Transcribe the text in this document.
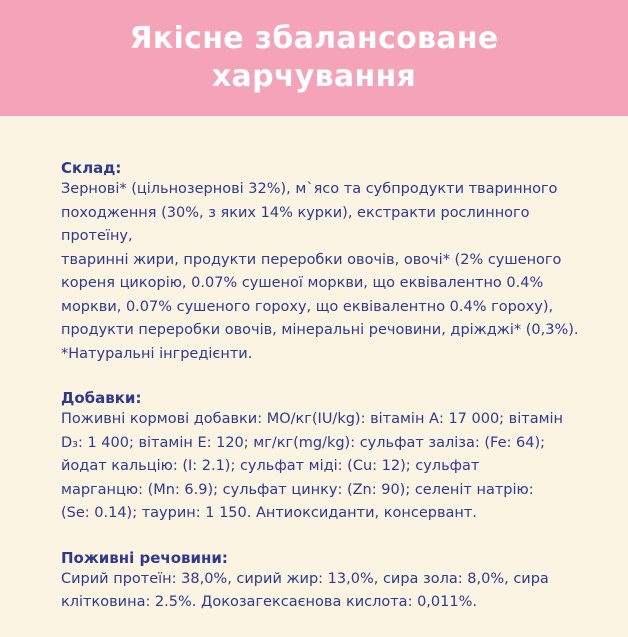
Якісне збалансоване
харчування
Склад:
Зернові* (цільнозернові 32%), м`ясо та субпродукти тваринного
походження (30%, з яких 14% курки), екстракти рослинного протеїну,
тваринні жири, продукти переробки овочів, овочі* (2% сушеного
кореня цикорію, 0.07% сушеної моркви, що еквівалентно 0.4%
моркви, 0.07% сушеного гороху, що еквівалентно 0.4% гороху),
продукти переробки овочів, мінеральні речовини, дріжджі* (0,3%).
*Натуральні інгредієнти.
Добавки:
Поживні кормові добавки: МО/кг(IU/kg): вітамін А: 17 000; вітамін
D₃: 1 400; вітамін Е: 120; мг/кг(mg/kg): сульфат заліза: (Fe: 64);
йодат кальцію: (I: 2.1); сульфат міді: (Cu: 12); сульфат
марганцю: (Mn: 6.9); сульфат цинку: (Zn: 90); селеніт натрію:
(Se: 0.14); таурин: 1 150. Антиоксиданти, консервант.
Поживні речовини:
Сирий протеїн: 38,0%, сирий жир: 13,0%, сира зола: 8,0%, сира
клітковина: 2.5%. Докозагексаєнова кислота: 0,011%.
